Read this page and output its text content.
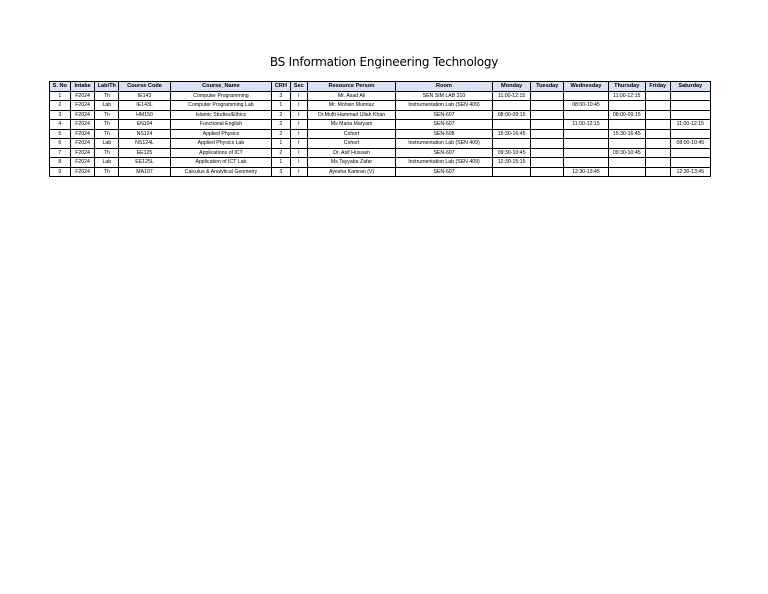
BS Information Engineering Technology
S. No	Intake	Lab/Th	Course Code	Course_Name	CRH	Sec	Resource Person	Room	Monday	Tuesday	Wednesday	Thursday	Friday	Saturday
1	F2024	Th	IE143	Computer Programming	3	I	Mr. Asad Ali	SEN SIM LAB 310	11:00-12:15			11:00-12:15		
2	F2024	Lab	IE143L	Computer Programming Lab	1	I	Mr. Mohsin Mumtaz	Instrumentation Lab (SEN 409)			08:00-10:45			
3	F2024	Th	HM150	Islamic Studies/Ethics	2	I	Dr.Mufti Hammad Ullah Khan	SEN-607	08:00-09:15			08:00-09:15		
4	F2024	Th	EN104	Functional English	2	I	Ms Maria Maryam	SEN-607			11:00-12:15			11:00-12:15
5	F2024	Th	NS124	Applied Physics	2	I	Cohort	SEN-608	15:30-16:45			15:30-16:45		
6	F2024	Lab	NS124L	Applied Physics Lab	1	I	Cohort	Instrumentation Lab (SEN 409)						08:00-10:45
7	F2024	Th	EE125	Applications of ICT	2	I	Dr. Asif Hussain	SEN-607	09:30-10:45			09:30-10:45		
8	F2024	Lab	EE125L	Application of ICT Lab	1	I	Ms Tayyaba Zafar	Instrumentation Lab (SEN 409)	12:30-15:15					
9	F2024	Th	MA107	Calculus & Analytical Geometry	3	I	Ayesha Kamran (V)	SEN-607			12:30-13:45			12:30-13:45
